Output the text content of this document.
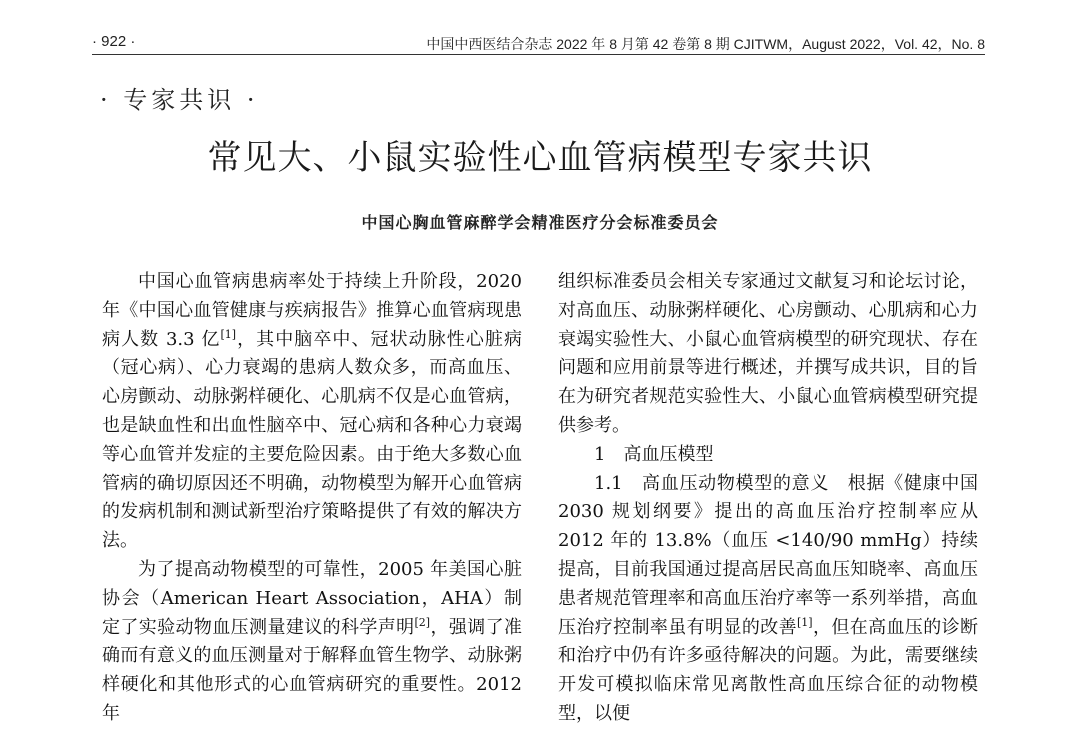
· 922 ·	中国中西医结合杂志 2022 年 8 月第 42 卷第 8 期 CJITWM，August 2022，Vol. 42，No. 8
· 专家共识 ·
常见大、小鼠实验性心血管病模型专家共识
中国心胸血管麻醉学会精准医疗分会标准委员会

中国心血管病患病率处于持续上升阶段，2020 年《中国心血管健康与疾病报告》推算心血管病现患病人数 3.3 亿[1]，其中脑卒中、冠状动脉性心脏病（冠心病）、心力衰竭的患病人数众多，而高血压、心房颤动、动脉粥样硬化、心肌病不仅是心血管病，也是缺血性和出血性脑卒中、冠心病和各种心力衰竭等心血管并发症的主要危险因素。由于绝大多数心血管病的确切原因还不明确，动物模型为解开心血管病的发病机制和测试新型治疗策略提供了有效的解决方法。

为了提高动物模型的可靠性，2005 年美国心脏协会（American Heart Association，AHA）制定了实验动物血压测量建议的科学声明[2]，强调了准确而有意义的血压测量对于解释血管生物学、动脉粥样硬化和其他形式的心血管病研究的重要性。2012 年

组织标准委员会相关专家通过文献复习和论坛讨论，对高血压、动脉粥样硬化、心房颤动、心肌病和心力衰竭实验性大、小鼠心血管病模型的研究现状、存在问题和应用前景等进行概述，并撰写成共识，目的旨在为研究者规范实验性大、小鼠心血管病模型研究提供参考。

1　高血压模型

1.1　高血压动物模型的意义　根据《健康中国 2030 规划纲要》提出的高血压治疗控制率应从 2012 年的 13.8%（血压 <140/90 mmHg）持续提高，目前我国通过提高居民高血压知晓率、高血压患者规范管理率和高血压治疗率等一系列举措，高血压治疗控制率虽有明显的改善[1]，但在高血压的诊断和治疗中仍有许多亟待解决的问题。为此，需要继续开发可模拟临床常见离散性高血压综合征的动物模型，以便
